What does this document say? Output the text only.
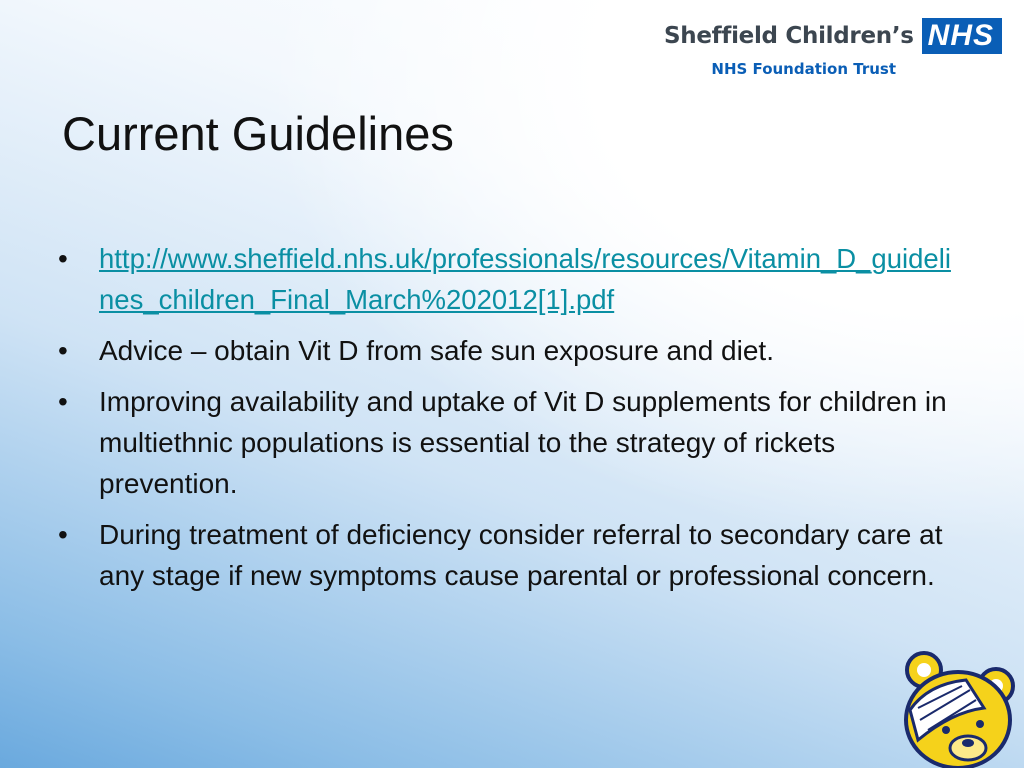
Sheffield Children’s NHS
NHS Foundation Trust
Current Guidelines
•	http://www.sheffield.nhs.uk/professionals/resources/Vitamin_D_guidelines_children_Final_March%202012[1].pdf
•	Advice – obtain Vit D from safe sun exposure and diet.
•	Improving availability and uptake of Vit D supplements for children in multiethnic populations is essential to the strategy of rickets prevention.
•	During treatment of deficiency consider referral to secondary care at any stage if new symptoms cause parental or professional concern.
